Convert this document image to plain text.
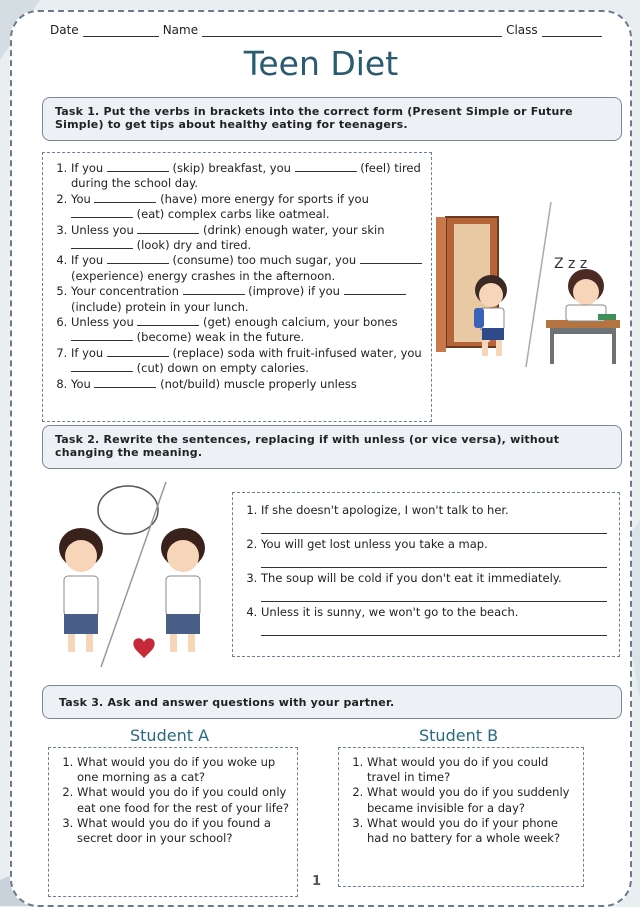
Date	Name	Class
Teen Diet
Task 1. Put the verbs in brackets into the correct form (Present Simple or Future Simple) to get tips about healthy eating for teenagers.
1. If you	(skip) breakfast, you	(feel) tired during the school day.
2. You	(have) more energy for sports if you  (eat) complex carbs like oatmeal.
3. Unless you	(drink) enough water, your skin  (look) dry and tired.
4. If you	(consume) too much sugar, you  (experience) energy crashes in the afternoon.
5. Your concentration	(improve) if you  (include) protein in your lunch.
6. Unless you	(get) enough calcium, your bones  (become) weak in the future.
7. If you	(replace) soda with fruit-infused water, you  (cut) down on empty calories.
8. You	(not/build) muscle properly unless
Z z z
Task 2. Rewrite the sentences, replacing if with unless (or vice versa), without changing the meaning.
1. If she doesn't apologize, I won't talk to her.
2. You will get lost unless you take a map.
3. The soup will be cold if you don't eat it immediately.
4. Unless it is sunny, we won't go to the beach.
Task 3. Ask and answer questions with your partner.
Student A	Student B
1. What would you do if you woke up one morning as a cat?
2. What would you do if you could only eat one food for the rest of your life?
3. What would you do if you found a secret door in your school?
1. What would you do if you could travel in time?
2. What would you do if you suddenly became invisible for a day?
3. What would you do if your phone had no battery for a whole week?
1
